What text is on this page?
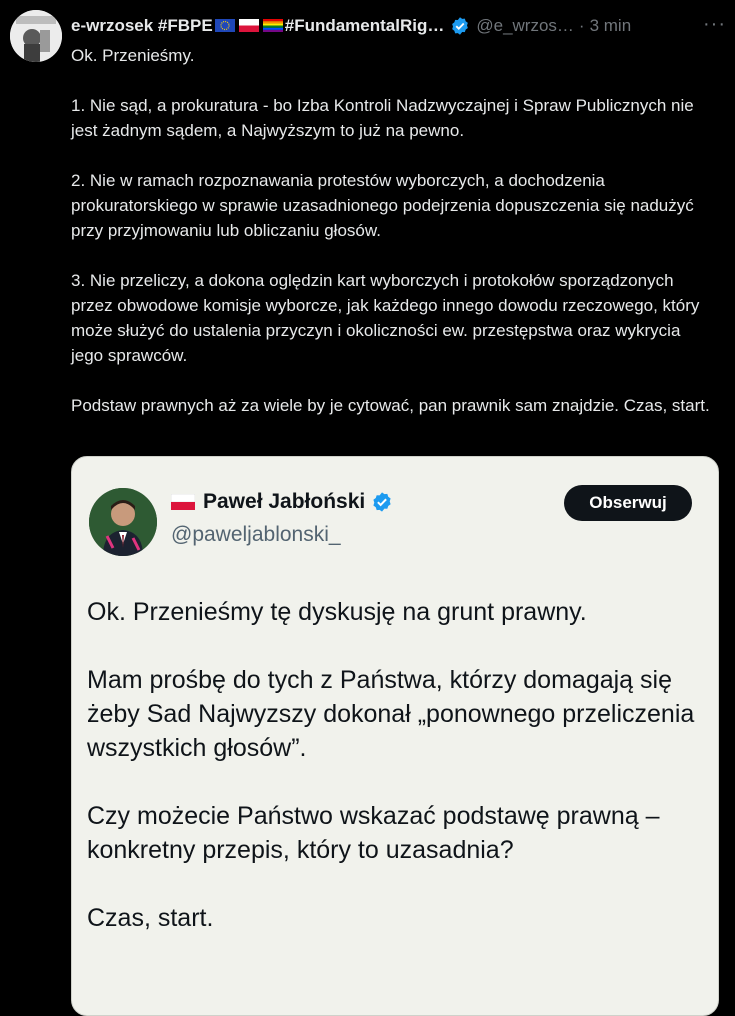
e-wrzosek #FBPE	#FundamentalRig… @e_wrzos… · 3 min	···

Ok. Przenieśmy.

1. Nie sąd, a prokuratura - bo Izba Kontroli Nadzwyczajnej i Spraw Publicznych nie jest żadnym sądem, a Najwyższym to już na pewno.

2. Nie w ramach rozpoznawania protestów wyborczych, a dochodzenia prokuratorskiego w sprawie uzasadnionego podejrzenia dopuszczenia się nadużyć przy przyjmowaniu lub obliczaniu głosów.

3. Nie przeliczy, a dokona oględzin kart wyborczych i protokołów sporządzonych przez obwodowe komisje wyborcze, jak każdego innego dowodu rzeczowego, który może służyć do ustalenia przyczyn i okoliczności ew. przestępstwa oraz wykrycia jego sprawców.

Podstaw prawnych aż za wiele by je cytować, pan prawnik sam znajdzie. Czas, start.

Paweł Jabłoński
@paweljablonski_
Obserwuj

Ok. Przenieśmy tę dyskusję na grunt prawny.

Mam prośbę do tych z Państwa, którzy domagają się żeby Sad Najwyzszy dokonał „ponownego przeliczenia wszystkich głosów”.

Czy możecie Państwo wskazać podstawę prawną – konkretny przepis, który to uzasadnia?

Czas, start.
